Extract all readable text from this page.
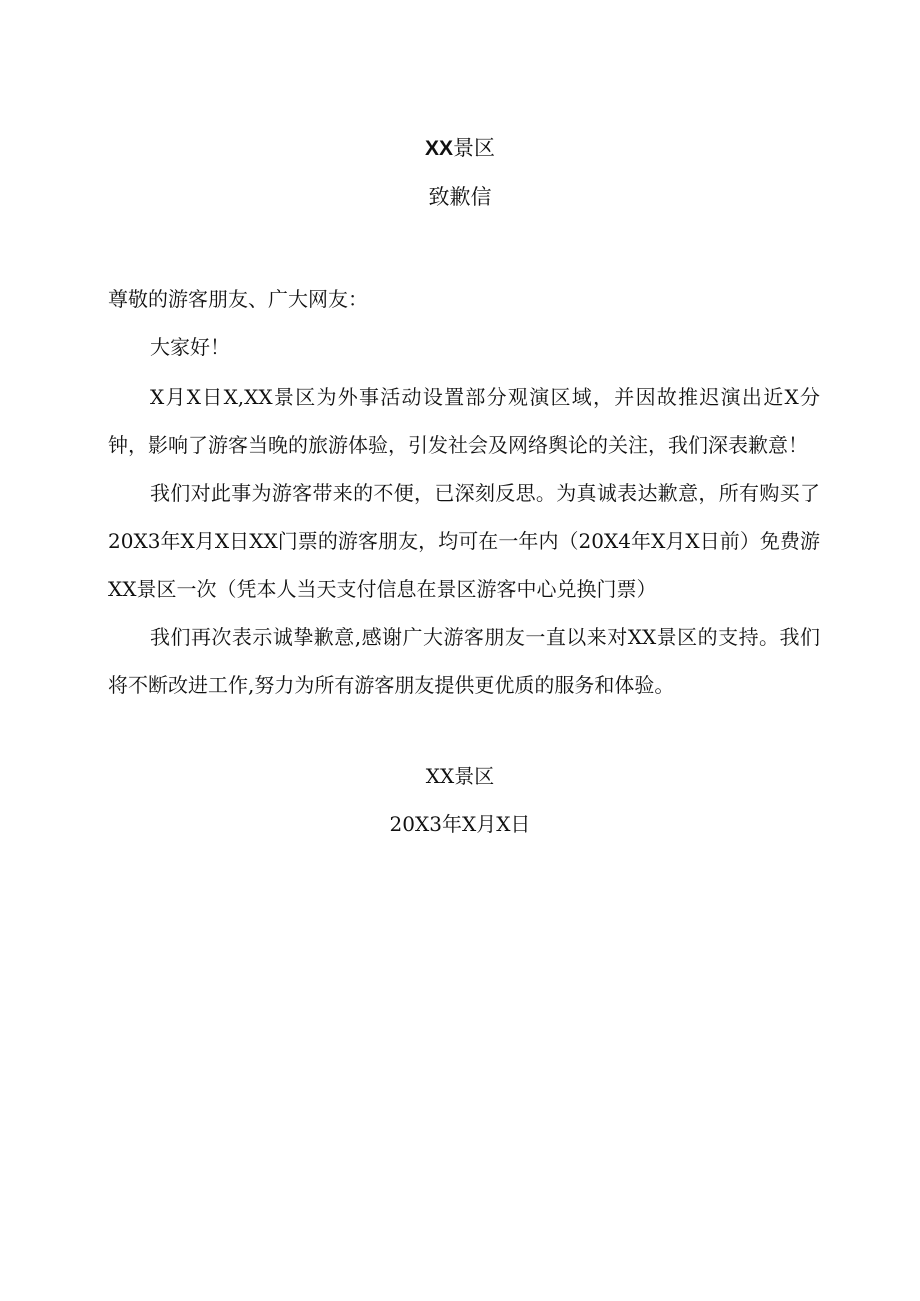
XX景区
致歉信

尊敬的游客朋友、广大网友：

大家好！

X月X日X,XX景区为外事活动设置部分观演区域，并因故推迟演出近X分钟，影响了游客当晚的旅游体验，引发社会及网络舆论的关注，我们深表歉意！

我们对此事为游客带来的不便，已深刻反思。为真诚表达歉意，所有购买了20X3年X月X日XX门票的游客朋友，均可在一年内（20X4年X月X日前）免费游XX景区一次（凭本人当天支付信息在景区游客中心兑换门票）

我们再次表示诚挚歉意,感谢广大游客朋友一直以来对XX景区的支持。我们将不断改进工作,努力为所有游客朋友提供更优质的服务和体验。

XX景区
20X3年X月X日
